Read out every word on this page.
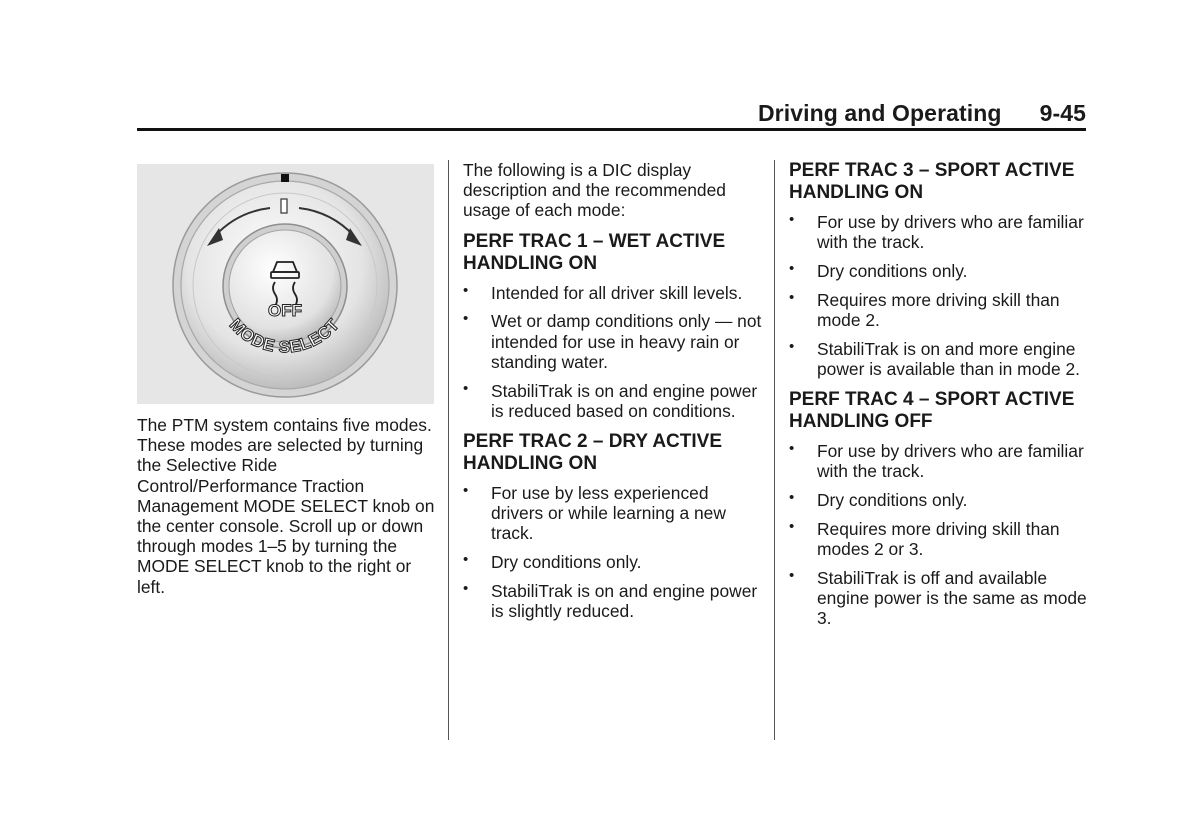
Driving and Operating 9-45
OFF
MODE SELECT

The PTM system contains five modes. These modes are selected by turning the Selective Ride Control/Performance Traction Management MODE SELECT knob on the center console. Scroll up or down through modes 1–5 by turning the MODE SELECT knob to the right or left.

The following is a DIC display description and the recommended usage of each mode:

PERF TRAC 1 – WET ACTIVE HANDLING ON
• Intended for all driver skill levels.
• Wet or damp conditions only — not intended for use in heavy rain or standing water.
• StabiliTrak is on and engine power is reduced based on conditions.
PERF TRAC 2 – DRY ACTIVE HANDLING ON
• For use by less experienced drivers or while learning a new track.
• Dry conditions only.
• StabiliTrak is on and engine power is slightly reduced.
PERF TRAC 3 – SPORT ACTIVE HANDLING ON
• For use by drivers who are familiar with the track.
• Dry conditions only.
• Requires more driving skill than mode 2.
• StabiliTrak is on and more engine power is available than in mode 2.
PERF TRAC 4 – SPORT ACTIVE HANDLING OFF
• For use by drivers who are familiar with the track.
• Dry conditions only.
• Requires more driving skill than modes 2 or 3.
• StabiliTrak is off and available engine power is the same as mode 3.
